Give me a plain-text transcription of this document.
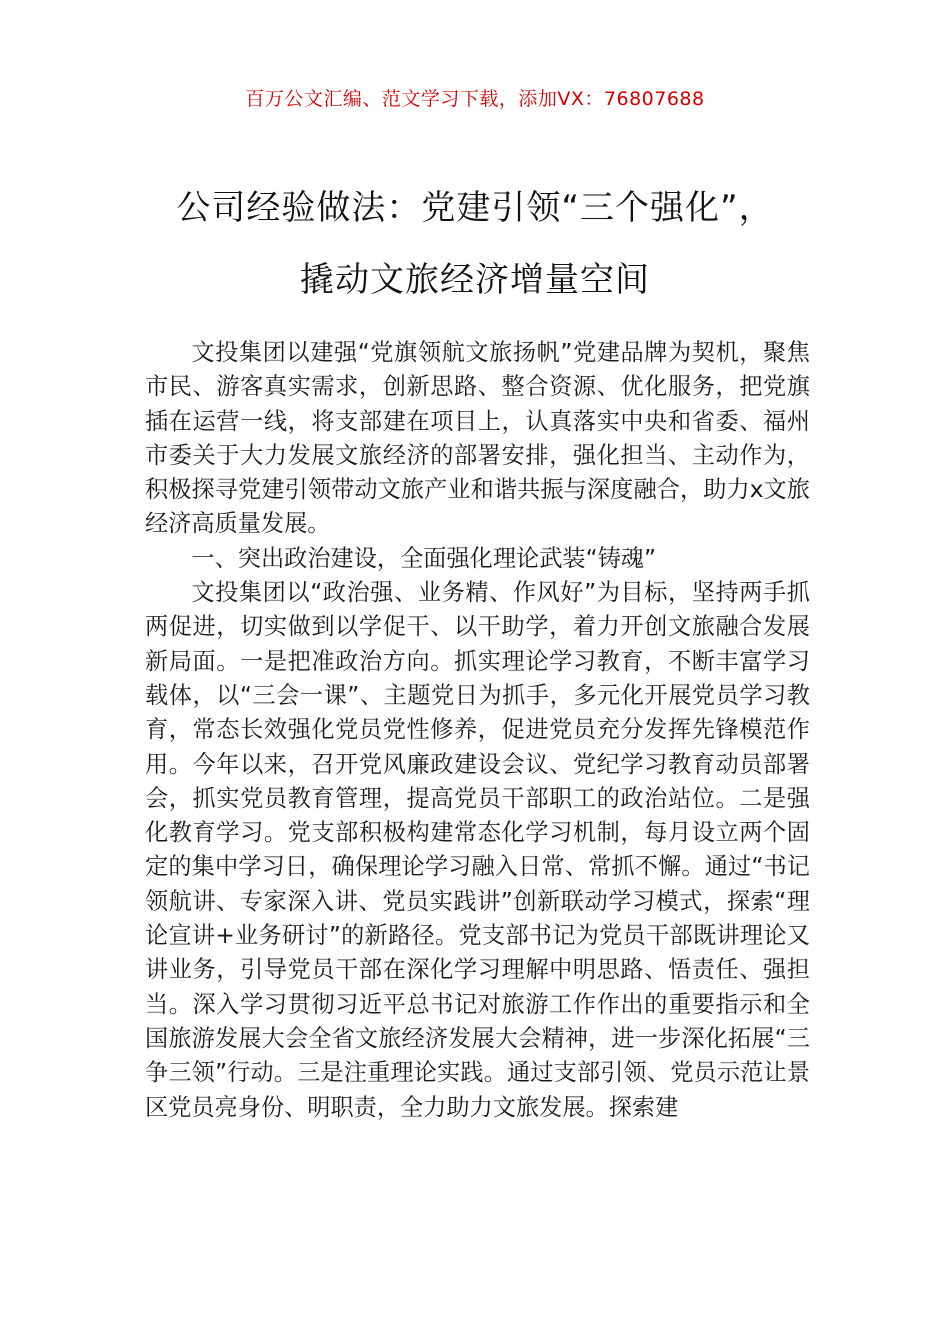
百万公文汇编、范文学习下载，添加VX：76807688
公司经验做法：党建引领“三个强化”，
撬动文旅经济增量空间

文投集团以建强“党旗领航文旅扬帆”党建品牌为契机，聚焦市民、游客真实需求，创新思路、整合资源、优化服务，把党旗插在运营一线，将支部建在项目上，认真落实中央和省委、福州市委关于大力发展文旅经济的部署安排，强化担当、主动作为，积极探寻党建引领带动文旅产业和谐共振与深度融合，助力x文旅经济高质量发展。

一、突出政治建设，全面强化理论武装“铸魂”

文投集团以“政治强、业务精、作风好”为目标，坚持两手抓两促进，切实做到以学促干、以干助学，着力开创文旅融合发展新局面。一是把准政治方向。抓实理论学习教育，不断丰富学习载体，以“三会一课”、主题党日为抓手，多元化开展党员学习教育，常态长效强化党员党性修养，促进党员充分发挥先锋模范作用。今年以来，召开党风廉政建设会议、党纪学习教育动员部署会，抓实党员教育管理，提高党员干部职工的政治站位。二是强化教育学习。党支部积极构建常态化学习机制，每月设立两个固定的集中学习日，确保理论学习融入日常、常抓不懈。通过“书记领航讲、专家深入讲、党员实践讲”创新联动学习模式，探索“理论宣讲+业务研讨”的新路径。党支部书记为党员干部既讲理论又讲业务，引导党员干部在深化学习理解中明思路、悟责任、强担当。深入学习贯彻习近平总书记对旅游工作作出的重要指示和全国旅游发展大会全省文旅经济发展大会精神，进一步深化拓展“三争三领”行动。三是注重理论实践。通过支部引领、党员示范让景区党员亮身份、明职责，全力助力文旅发展。探索建
